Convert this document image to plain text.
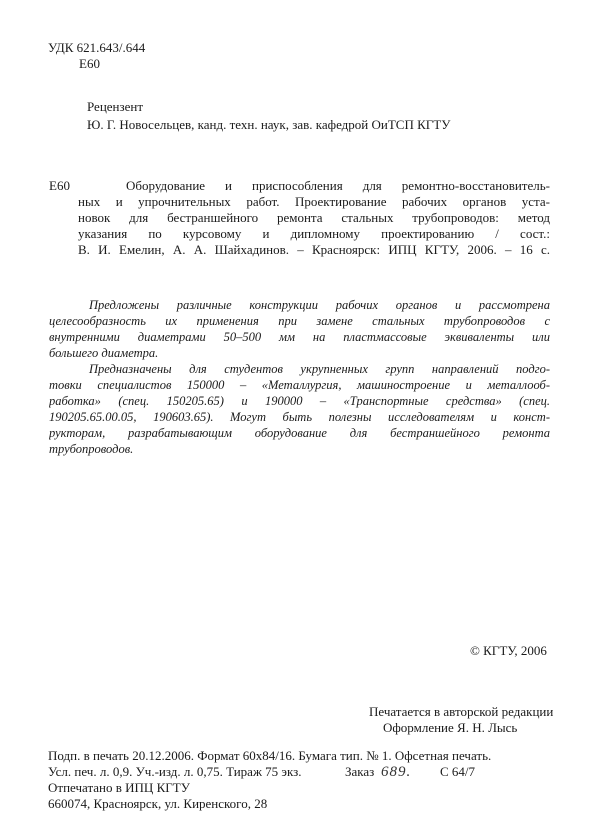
УДК 621.643/.644
Е60
Рецензент
Ю. Г. Новосельцев, канд. техн. наук, зав. кафедрой ОиТСП КГТУ
Е60	Оборудование и приспособления для ремонтно-восстановитель-
ных и упрочнительных работ. Проектирование рабочих органов уста-
новок для бестраншейного ремонта стальных трубопроводов: метод
указания по курсовому и дипломному проектированию / сост.:
В. И. Емелин, А. А. Шайхадинов. – Красноярск: ИПЦ КГТУ, 2006. – 16 с.
Предложены различные конструкции рабочих органов и рассмотрена
целесообразность их применения при замене стальных трубопроводов с
внутренними диаметрами 50–500 мм на пластмассовые эквиваленты или
большего диаметра.
Предназначены для студентов укрупненных групп направлений подго-
товки специалистов 150000 – «Металлургия, машиностроение и металлооб-
работка» (спец. 150205.65) и 190000 – «Транспортные средства» (спец.
190205.65.00.05, 190603.65). Могут быть полезны исследователям и конст-
рукторам, разрабатывающим оборудование для бестраншейного ремонта
трубопроводов.
© КГТУ, 2006
Печатается в авторской редакции
Оформление Я. Н. Лысь
Подп. в печать 20.12.2006. Формат 60x84/16. Бумага тип. № 1. Офсетная печать.
Усл. печ. л. 0,9. Уч.-изд. л. 0,75. Тираж 75 экз.	Заказ 689. С 64/7
Отпечатано в ИПЦ КГТУ
660074, Красноярск, ул. Киренского, 28
